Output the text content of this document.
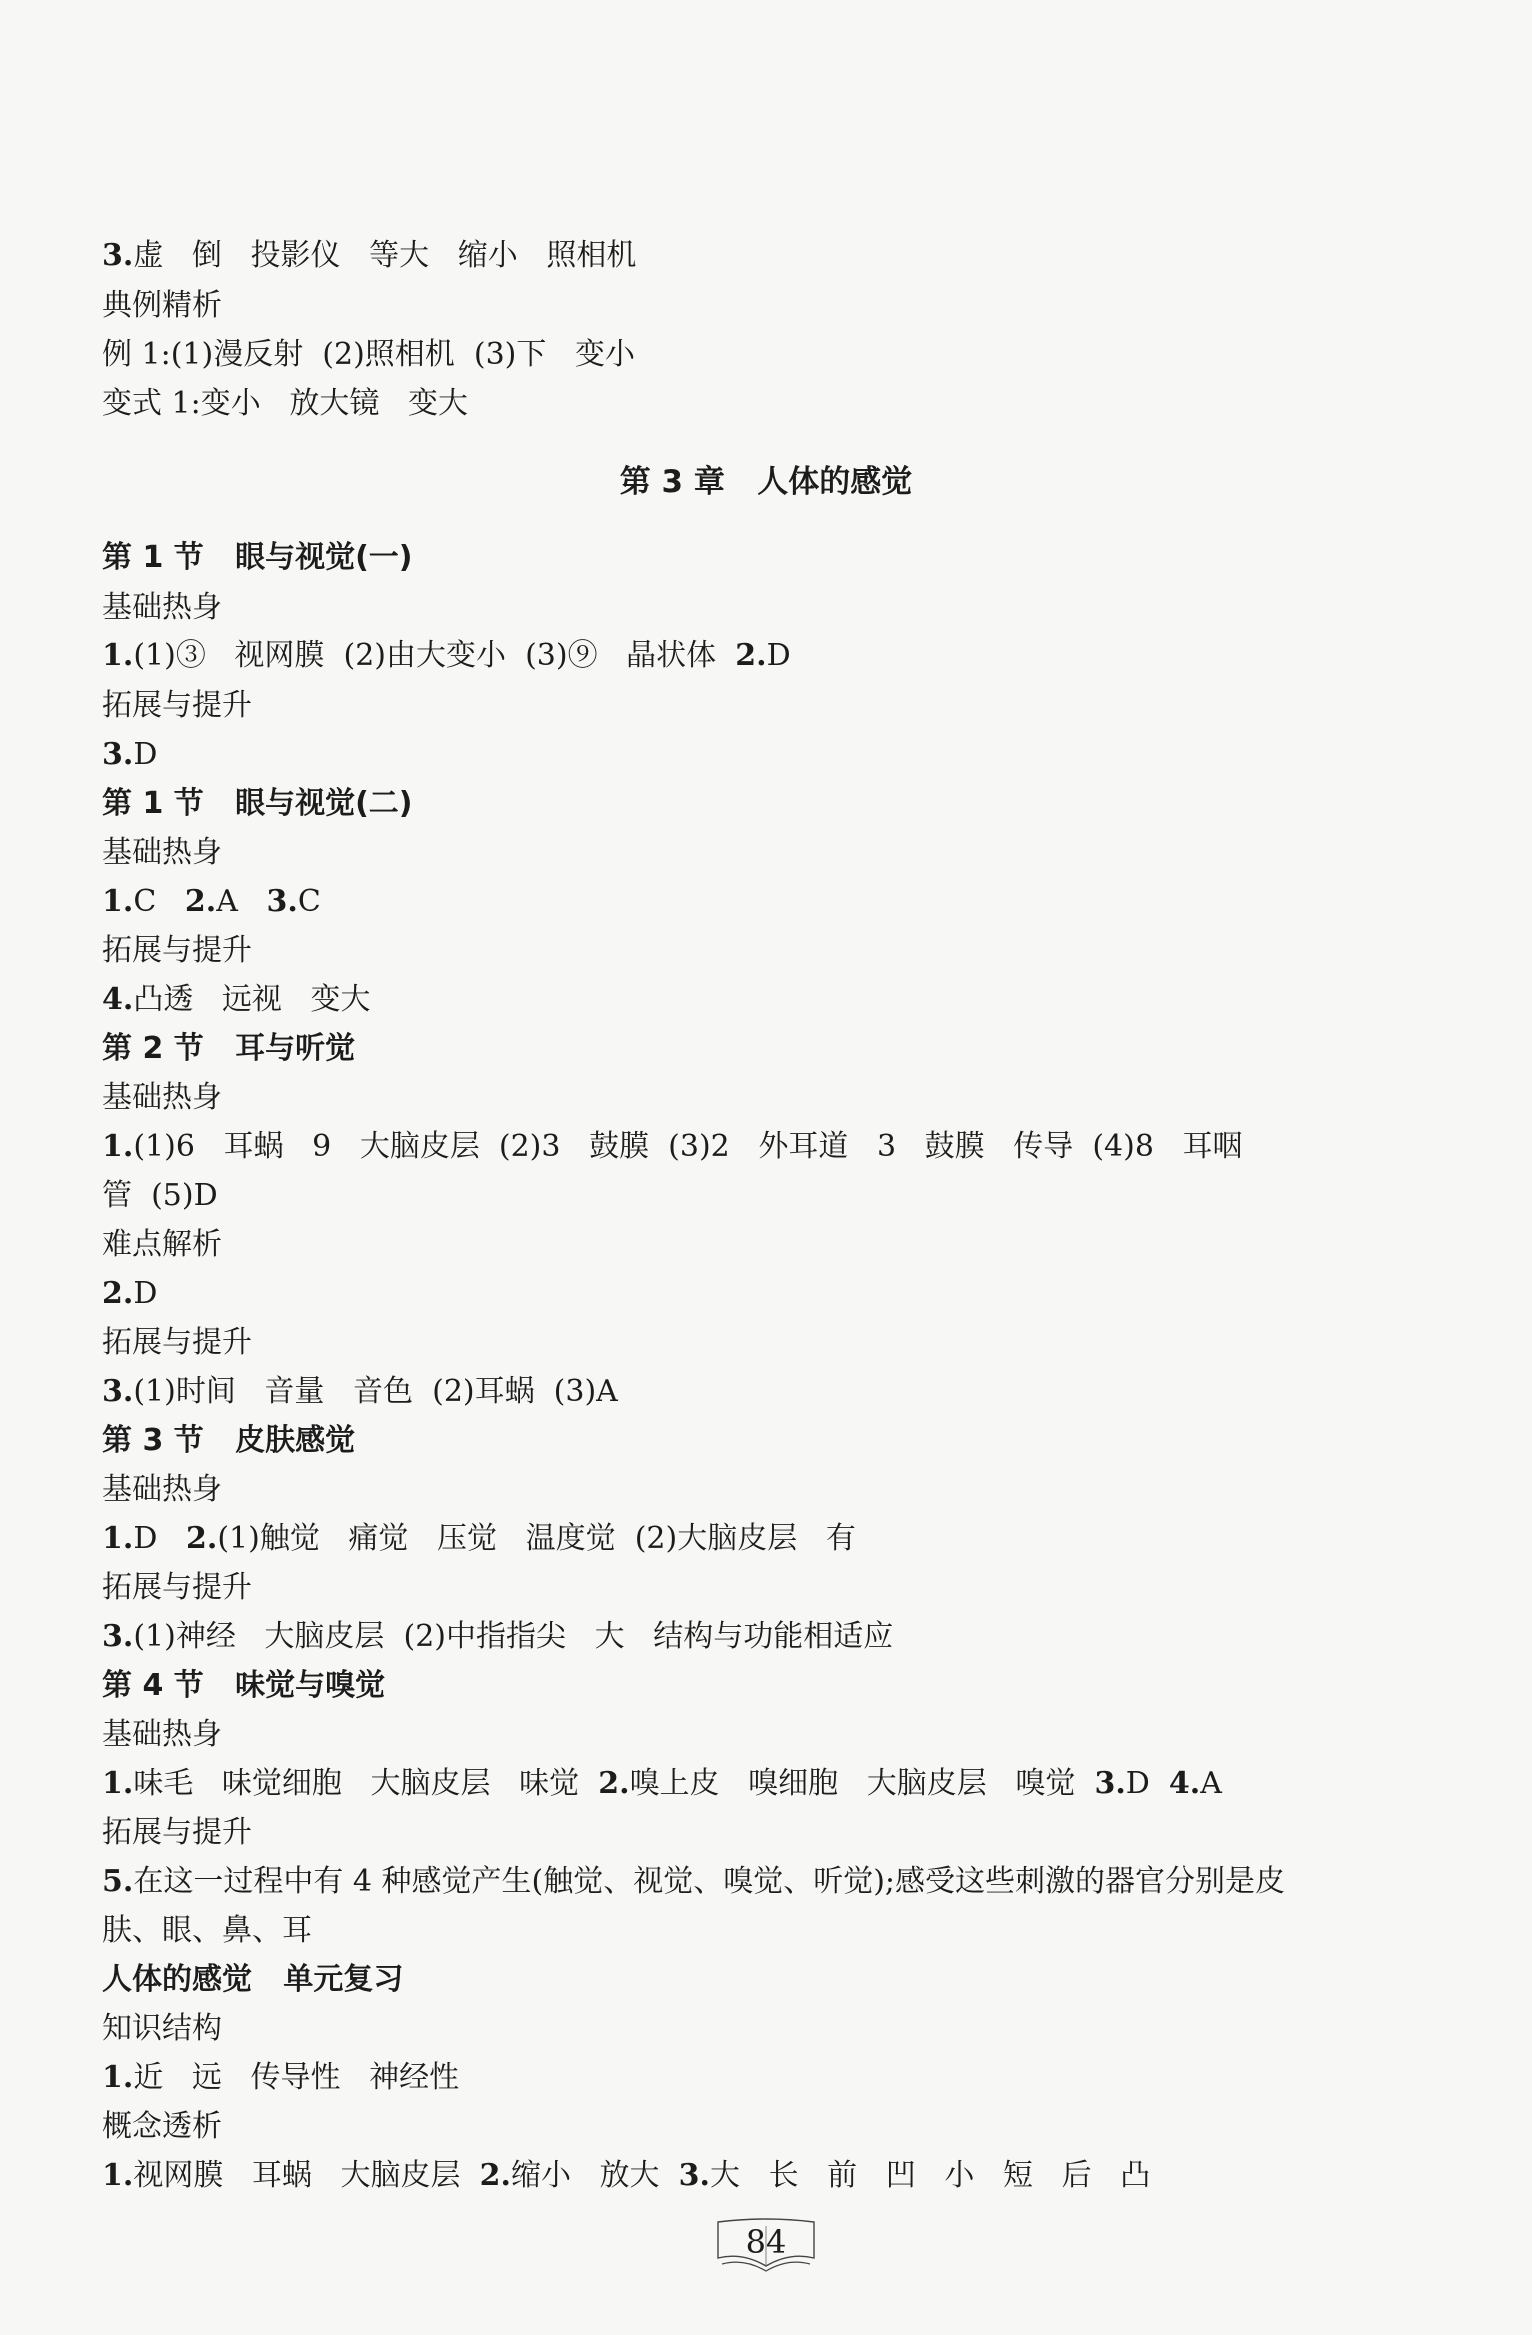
3.虚   倒   投影仪   等大   缩小   照相机
典例精析
例 1:(1)漫反射  (2)照相机  (3)下   变小
变式 1:变小   放大镜   变大
第 3 章   人体的感觉
第 1 节   眼与视觉(一)
基础热身
1.(1)③   视网膜  (2)由大变小  (3)⑨   晶状体  2.D
拓展与提升
3.D
第 1 节   眼与视觉(二)
基础热身
1.C   2.A   3.C
拓展与提升
4.凸透   远视   变大
第 2 节   耳与听觉
基础热身
1.(1)6   耳蜗   9   大脑皮层  (2)3   鼓膜  (3)2   外耳道   3   鼓膜   传导  (4)8   耳咽
管  (5)D
难点解析
2.D
拓展与提升
3.(1)时间   音量   音色  (2)耳蜗  (3)A
第 3 节   皮肤感觉
基础热身
1.D   2.(1)触觉   痛觉   压觉   温度觉  (2)大脑皮层   有
拓展与提升
3.(1)神经   大脑皮层  (2)中指指尖   大   结构与功能相适应
第 4 节   味觉与嗅觉
基础热身
1.味毛   味觉细胞   大脑皮层   味觉  2.嗅上皮   嗅细胞   大脑皮层   嗅觉  3.D  4.A
拓展与提升
5.在这一过程中有 4 种感觉产生(触觉、视觉、嗅觉、听觉);感受这些刺激的器官分别是皮
肤、眼、鼻、耳
人体的感觉   单元复习
知识结构
1.近   远   传导性   神经性
概念透析
1.视网膜   耳蜗   大脑皮层  2.缩小   放大  3.大   长   前   凹   小   短   后   凸
84
